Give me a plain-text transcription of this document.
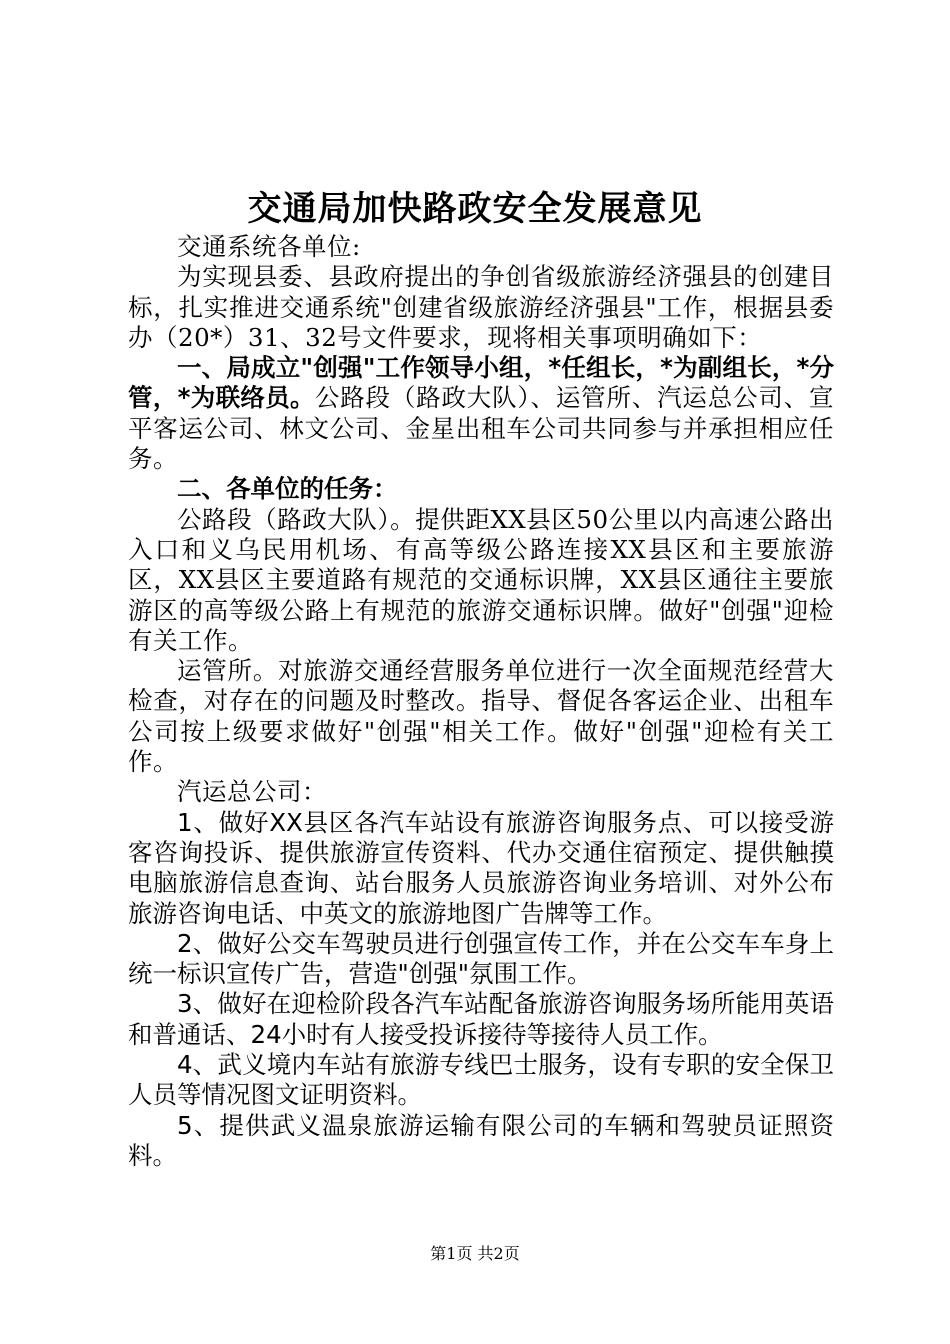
交通局加快路政安全发展意见

交通系统各单位:

为实现县委、县政府提出的争创省级旅游经济强县的创建目标，扎实推进交通系统"创建省级旅游经济强县"工作，根据县委办（20*）31、32号文件要求，现将相关事项明确如下：

一、局成立"创强"工作领导小组，*任组长，*为副组长，*分管，*为联络员。公路段（路政大队）、运管所、汽运总公司、宣平客运公司、林文公司、金星出租车公司共同参与并承担相应任务。

二、各单位的任务：

公路段（路政大队）。提供距XX县区50公里以内高速公路出入口和义乌民用机场、有高等级公路连接XX县区和主要旅游区，XX县区主要道路有规范的交通标识牌，XX县区通往主要旅游区的高等级公路上有规范的旅游交通标识牌。做好"创强"迎检有关工作。

运管所。对旅游交通经营服务单位进行一次全面规范经营大检查，对存在的问题及时整改。指导、督促各客运企业、出租车公司按上级要求做好"创强"相关工作。做好"创强"迎检有关工作。

汽运总公司：

1、做好XX县区各汽车站设有旅游咨询服务点、可以接受游客咨询投诉、提供旅游宣传资料、代办交通住宿预定、提供触摸电脑旅游信息查询、站台服务人员旅游咨询业务培训、对外公布旅游咨询电话、中英文的旅游地图广告牌等工作。

2、做好公交车驾驶员进行创强宣传工作，并在公交车车身上统一标识宣传广告，营造"创强"氛围工作。

3、做好在迎检阶段各汽车站配备旅游咨询服务场所能用英语和普通话、24小时有人接受投诉接待等接待人员工作。

4、武义境内车站有旅游专线巴士服务，设有专职的安全保卫人员等情况图文证明资料。

5、提供武义温泉旅游运输有限公司的车辆和驾驶员证照资料。

第1页 共2页
